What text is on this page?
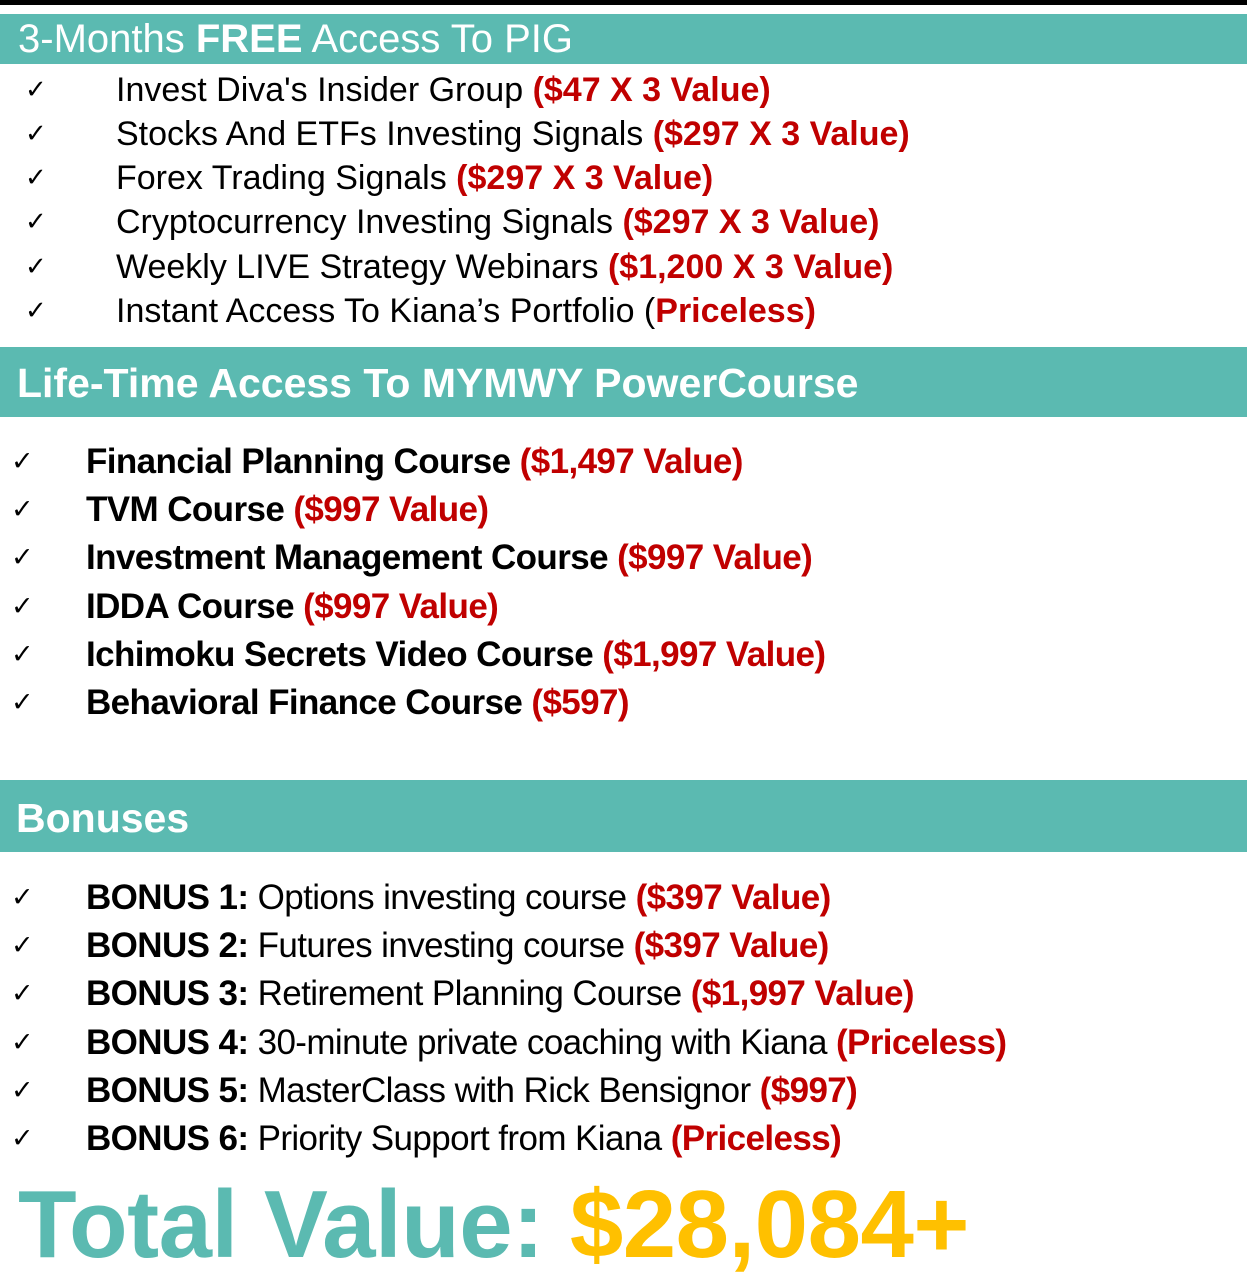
3-Months FREE Access To PIG
✓ Invest Diva's Insider Group ($47 X 3 Value)
✓ Stocks And ETFs Investing Signals ($297 X 3 Value)
✓ Forex Trading Signals ($297 X 3 Value)
✓ Cryptocurrency Investing Signals ($297 X 3 Value)
✓ Weekly LIVE Strategy Webinars ($1,200 X 3 Value)
✓ Instant Access To Kiana’s Portfolio (Priceless)
Life-Time Access To MYMWY PowerCourse
✓ Financial Planning Course ($1,497 Value)
✓ TVM Course ($997 Value)
✓ Investment Management Course ($997 Value)
✓ IDDA Course ($997 Value)
✓ Ichimoku Secrets Video Course ($1,997 Value)
✓ Behavioral Finance Course ($597)
Bonuses
✓ BONUS 1: Options investing course ($397 Value)
✓ BONUS 2: Futures investing course ($397 Value)
✓ BONUS 3: Retirement Planning Course ($1,997 Value)
✓ BONUS 4: 30-minute private coaching with Kiana (Priceless)
✓ BONUS 5: MasterClass with Rick Bensignor ($997)
✓ BONUS 6: Priority Support from Kiana (Priceless)
Total Value: $28,084+
